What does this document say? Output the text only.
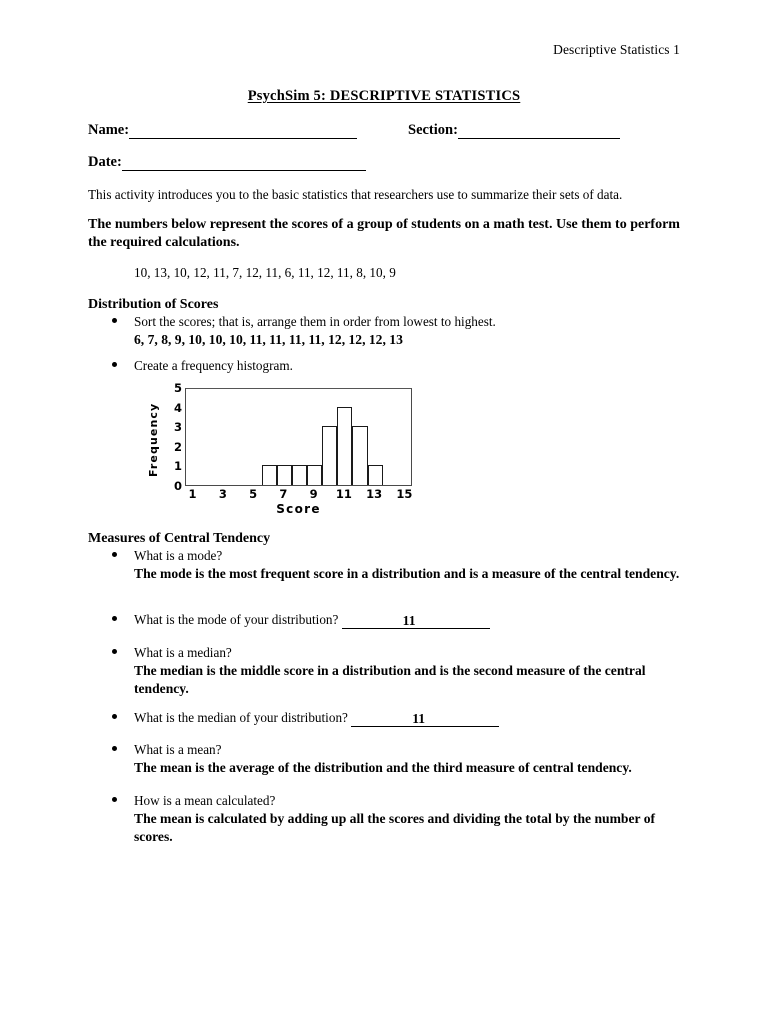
Descriptive Statistics 1
PsychSim 5: DESCRIPTIVE STATISTICS
Name:	Section:
Date:
This activity introduces you to the basic statistics that researchers use to summarize their sets of data.
The numbers below represent the scores of a group of students on a math test. Use them to perform the required calculations.
10, 13, 10, 12, 11, 7, 12, 11, 6, 11, 12, 11, 8, 10, 9
Distribution of Scores
Sort the scores; that is, arrange them in order from lowest to highest.
6, 7, 8, 9, 10, 10, 10, 11, 11, 11, 11, 12, 12, 12, 13
Create a frequency histogram.
Frequency
0
1
2
3
4
5
1 3 5 7 9 11 13 15
Score
Measures of Central Tendency
What is a mode?
The mode is the most frequent score in a distribution and is a measure of the central tendency.
What is the mode of your distribution?	11
What is a median?
The median is the middle score in a distribution and is the second measure of the central tendency.
What is the median of your distribution?	11
What is a mean?
The mean is the average of the distribution and the third measure of central tendency.
How is a mean calculated?
The mean is calculated by adding up all the scores and dividing the total by the number of scores.
